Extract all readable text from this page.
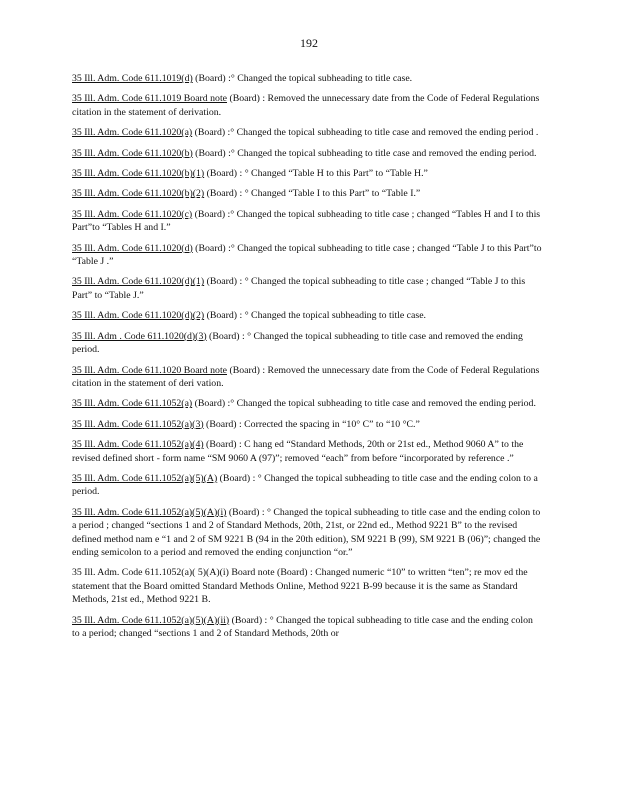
192
35 Ill. Adm. Code 611.1019(d) (Board) :° Changed the topical subheading to title case.
35 Ill. Adm. Code 611.1019 Board note (Board) : Removed the unnecessary date from the Code of Federal Regulations citation in the statement of derivation.
35 Ill. Adm. Code 611.1020(a) (Board) :° Changed the topical subheading to title case and removed the ending period .
35 Ill. Adm. Code 611.1020(b) (Board) :° Changed the topical subheading to title case and removed the ending period.
35 Ill. Adm. Code 611.1020(b)(1) (Board) : ° Changed “Table H to this Part” to “Table H.”
35 Ill. Adm. Code 611.1020(b)(2) (Board) : ° Changed “Table I to this Part” to “Table I.”
35 Ill. Adm. Code 611.1020(c) (Board) :° Changed the topical subheading to title case ; changed “Tables H and I to this Part”to “Tables H and I.”
35 Ill. Adm. Code 611.1020(d) (Board) :° Changed the topical subheading to title case ; changed “Table J to this Part”to “Table J .”
35 Ill. Adm. Code 611.1020(d)(1) (Board) : ° Changed the topical subheading to title case ; changed “Table J to this Part” to “Table J.”
35 Ill. Adm. Code 611.1020(d)(2) (Board) : ° Changed the topical subheading to title case.
35 Ill. Adm . Code 611.1020(d)(3) (Board) : ° Changed the topical subheading to title case and removed the ending period.
35 Ill. Adm. Code 611.1020 Board note (Board) : Removed the unnecessary date from the Code of Federal Regulations citation in the statement of deri vation.
35 Ill. Adm. Code 611.1052(a) (Board) :° Changed the topical subheading to title case and removed the ending period.
35 Ill. Adm. Code 611.1052(a)(3) (Board) : Corrected the spacing in “10° C” to “10 °C.”
35 Ill. Adm. Code 611.1052(a)(4) (Board) : C hang ed “Standard Methods, 20th or 21st ed., Method 9060 A” to the revised defined short - form name “SM 9060 A (97)”; removed “each” from before “incorporated by reference .”
35 Ill. Adm. Code 611.1052(a)(5)(A) (Board) : ° Changed the topical subheading to title case and the ending colon to a period.
35 Ill. Adm. Code 611.1052(a)(5)(A)(i) (Board) : ° Changed the topical subheading to title case and the ending colon to a period ; changed “sections 1 and 2 of Standard Methods, 20th, 21st, or 22nd ed., Method 9221 B” to the revised defined method nam e “1 and 2 of SM 9221 B (94 in the 20th edition), SM 9221 B (99), SM 9221 B (06)”; changed the ending semicolon to a period and removed the ending conjunction “or.”
35 Ill. Adm. Code 611.1052(a)( 5)(A)(i) Board note (Board) : Changed numeric “10” to written “ten”; re mov ed the statement that the Board omitted Standard Methods Online, Method 9221 B-99 because it is the same as Standard Methods, 21st ed., Method 9221 B.
35 Ill. Adm. Code 611.1052(a)(5)(A)(ii) (Board) : ° Changed the topical subheading to title case and the ending colon to a period; changed “sections 1 and 2 of Standard Methods, 20th or
